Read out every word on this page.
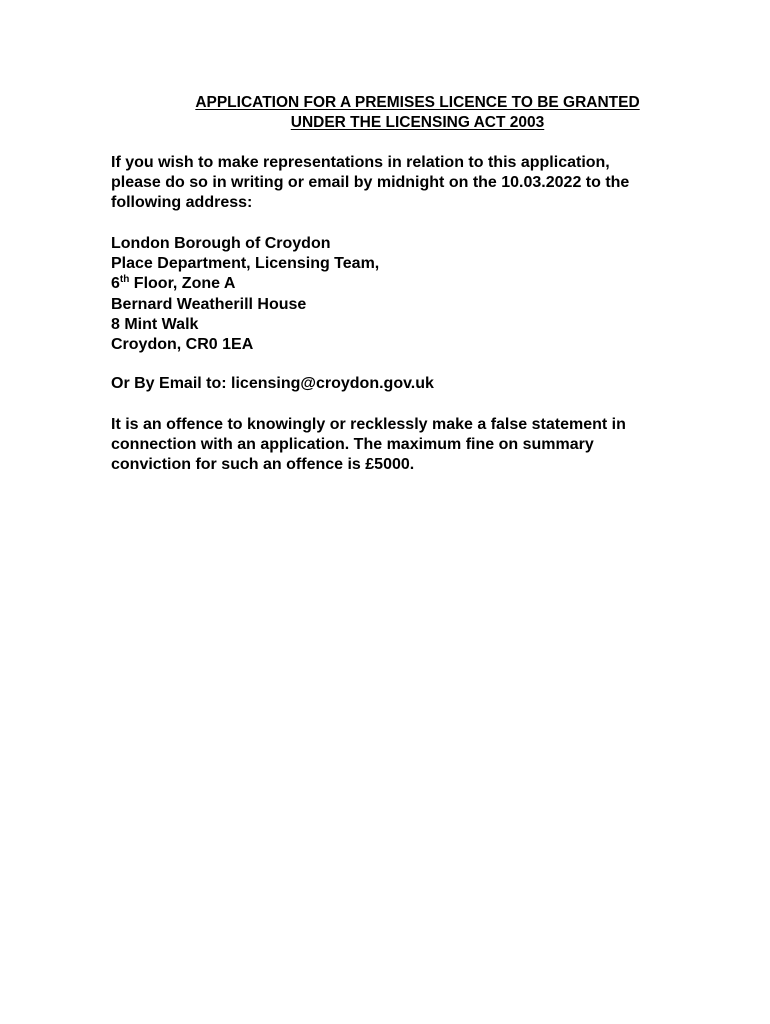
APPLICATION FOR A PREMISES LICENCE TO BE GRANTED
UNDER THE LICENSING ACT 2003
If you wish to make representations in relation to this application,
please do so in writing or email by midnight on the 10.03.2022 to the
following address:
London Borough of Croydon
Place Department, Licensing Team,
6th Floor, Zone A
Bernard Weatherill House
8 Mint Walk
Croydon, CR0 1EA
Or By Email to: licensing@croydon.gov.uk
It is an offence to knowingly or recklessly make a false statement in
connection with an application. The maximum fine on summary
conviction for such an offence is £5000.
